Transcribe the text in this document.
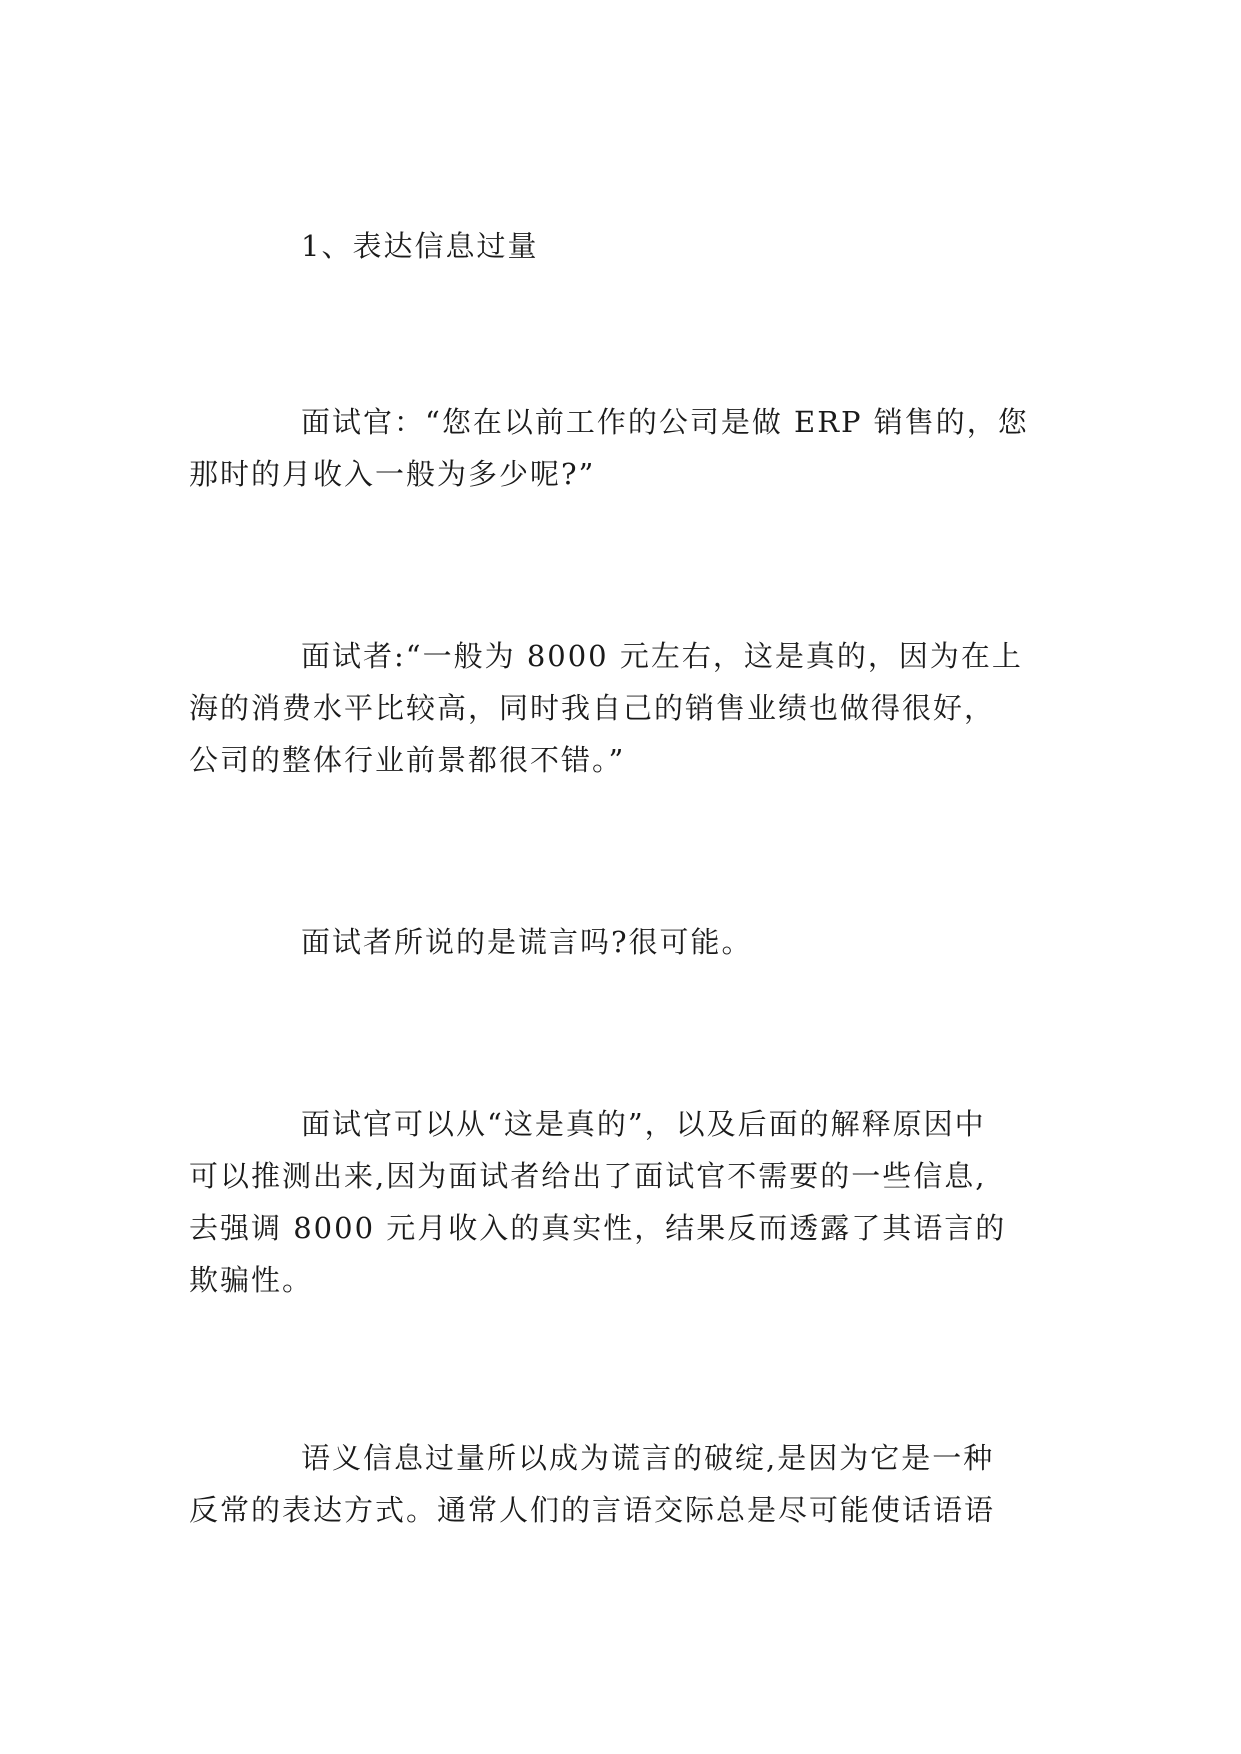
1、表达信息过量

面试官：“您在以前工作的公司是做 ERP 销售的，您
那时的月收入一般为多少呢?”

面试者:“一般为 8000 元左右，这是真的，因为在上
海的消费水平比较高，同时我自己的销售业绩也做得很好，
公司的整体行业前景都很不错。”

面试者所说的是谎言吗?很可能。

面试官可以从“这是真的”，以及后面的解释原因中
可以推测出来,因为面试者给出了面试官不需要的一些信息,
去强调 8000 元月收入的真实性，结果反而透露了其语言的
欺骗性。

语义信息过量所以成为谎言的破绽,是因为它是一种
反常的表达方式。通常人们的言语交际总是尽可能使话语语
